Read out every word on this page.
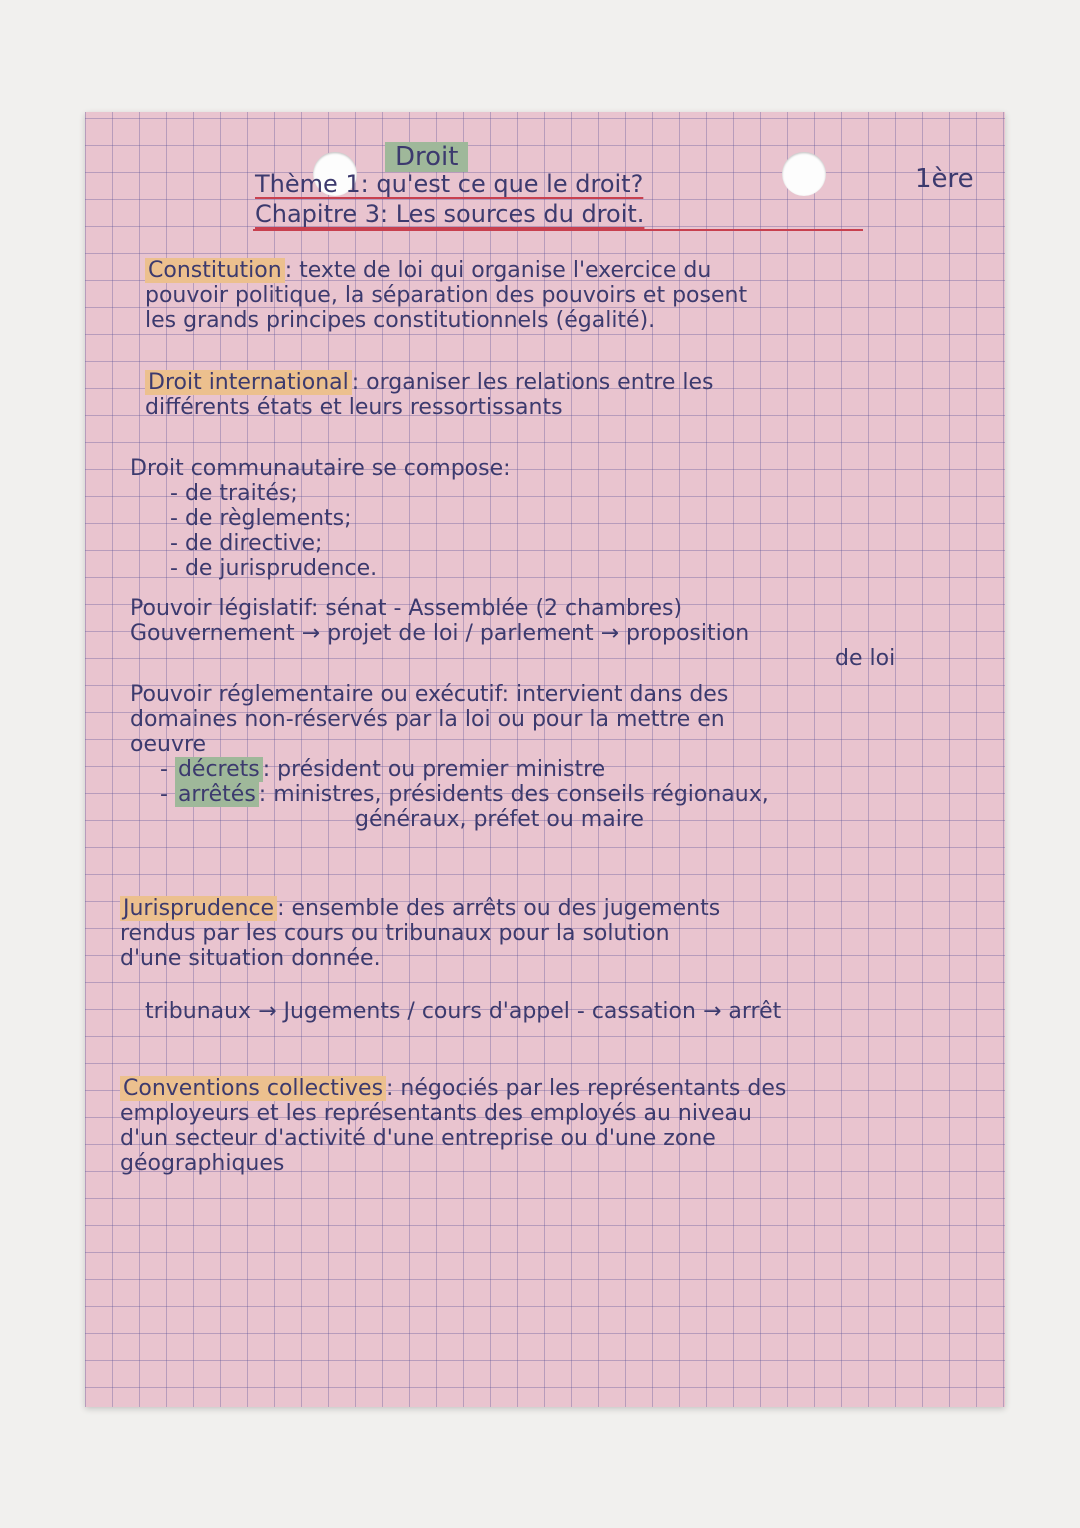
Droit
Thème 1: qu'est ce que le droit?	1ère
Chapitre 3: Les sources du droit.

Constitution : texte de loi qui organise l'exercice du

pouvoir politique, la séparation des pouvoirs et posent

les grands principes constitutionnels (égalité).

Droit international : organiser les relations entre les

différents états et leurs ressortissants

Droit communautaire se compose:

- de traités;
- de règlements;
- de directive;
- de jurisprudence.

Pouvoir législatif: sénat - Assemblée (2 chambres)

Gouvernement → projet de loi / parlement → proposition

de loi

Pouvoir réglementaire ou exécutif: intervient dans des

domaines non-réservés par la loi ou pour la mettre en

oeuvre

- décrets : président ou premier ministre

- arrêtés : ministres, présidents des conseils régionaux,

généraux, préfet ou maire

Jurisprudence : ensemble des arrêts ou des jugements

rendus par les cours ou tribunaux pour la solution

d'une situation donnée.

tribunaux → Jugements / cours d'appel - cassation → arrêt

Conventions collectives : négociés par les représentants des

employeurs et les représentants des employés au niveau

d'un secteur d'activité d'une entreprise ou d'une zone

géographiques
